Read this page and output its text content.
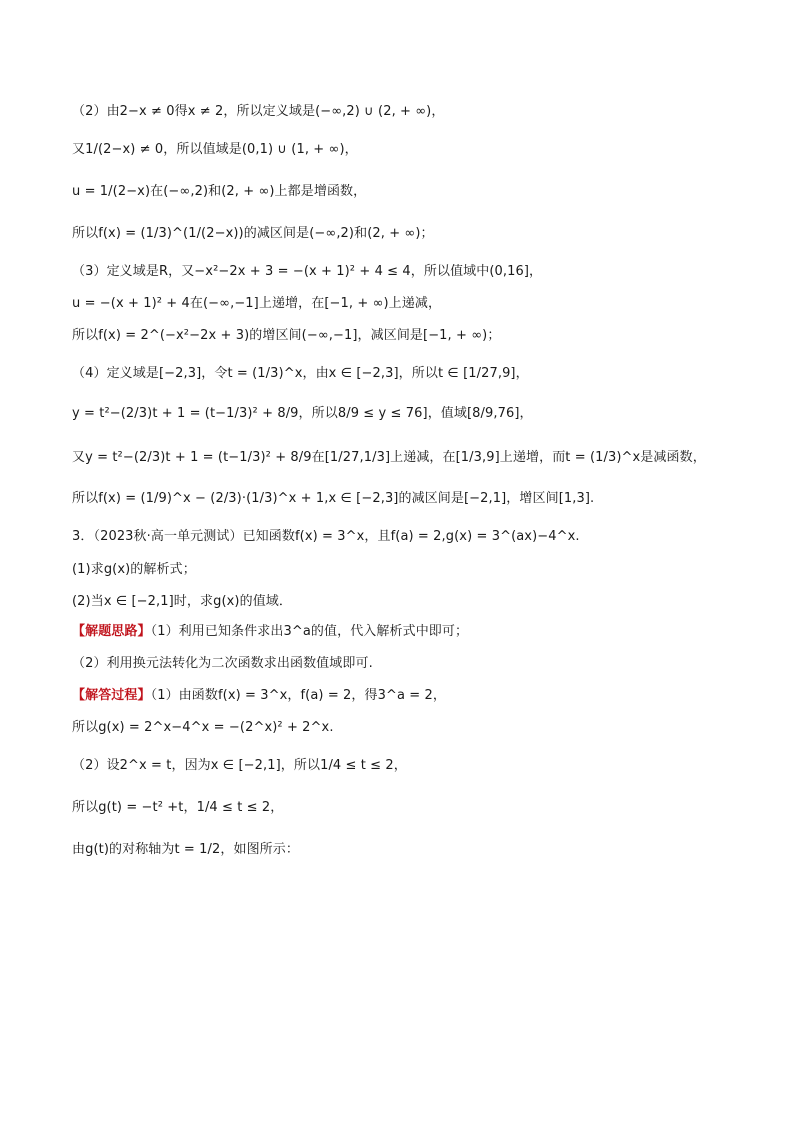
（2）由2−x ≠ 0得x ≠ 2，所以定义域是(−∞,2) ∪ (2, + ∞)，
又1/(2−x) ≠ 0，所以值域是(0,1) ∪ (1, + ∞)，
u = 1/(2−x)在(−∞,2)和(2, + ∞)上都是增函数，
所以f(x) = (1/3)^(1/(2−x))的减区间是(−∞,2)和(2, + ∞)；
（3）定义域是R，又−x²−2x + 3 = −(x + 1)² + 4 ≤ 4，所以值域中(0,16]，
u = −(x + 1)² + 4在(−∞,−1]上递增，在[−1, + ∞)上递减，
所以f(x) = 2^(−x²−2x + 3)的增区间(−∞,−1]，减区间是[−1, + ∞)；
（4）定义域是[−2,3]，令t = (1/3)^x，由x ∈ [−2,3]，所以t ∈ [1/27,9]，
y = t²−(2/3)t + 1 = (t−1/3)² + 8/9，所以8/9 ≤ y ≤ 76]，值域[8/9,76]，
又y = t²−(2/3)t + 1 = (t−1/3)² + 8/9在[1/27,1/3]上递减，在[1/3,9]上递增，而t = (1/3)^x是减函数，
所以f(x) = (1/9)^x − (2/3)·(1/3)^x + 1,x ∈ [−2,3]的减区间是[−2,1]，增区间[1,3].
3．（2023秋·高一单元测试）已知函数f(x) = 3^x，且f(a) = 2,g(x) = 3^(ax)−4^x.
(1)求g(x)的解析式；
(2)当x ∈ [−2,1]时，求g(x)的值域．
【解题思路】（1）利用已知条件求出3^a的值，代入解析式中即可；
（2）利用换元法转化为二次函数求出函数值域即可.
【解答过程】（1）由函数f(x) = 3^x，f(a) = 2，得3^a = 2，
所以g(x) = 2^x−4^x = −(2^x)² + 2^x.
（2）设2^x = t，因为x ∈ [−2,1]，所以1/4 ≤ t ≤ 2，
所以g(t) = −t² +t，1/4 ≤ t ≤ 2，
由g(t)的对称轴为t = 1/2，如图所示：
